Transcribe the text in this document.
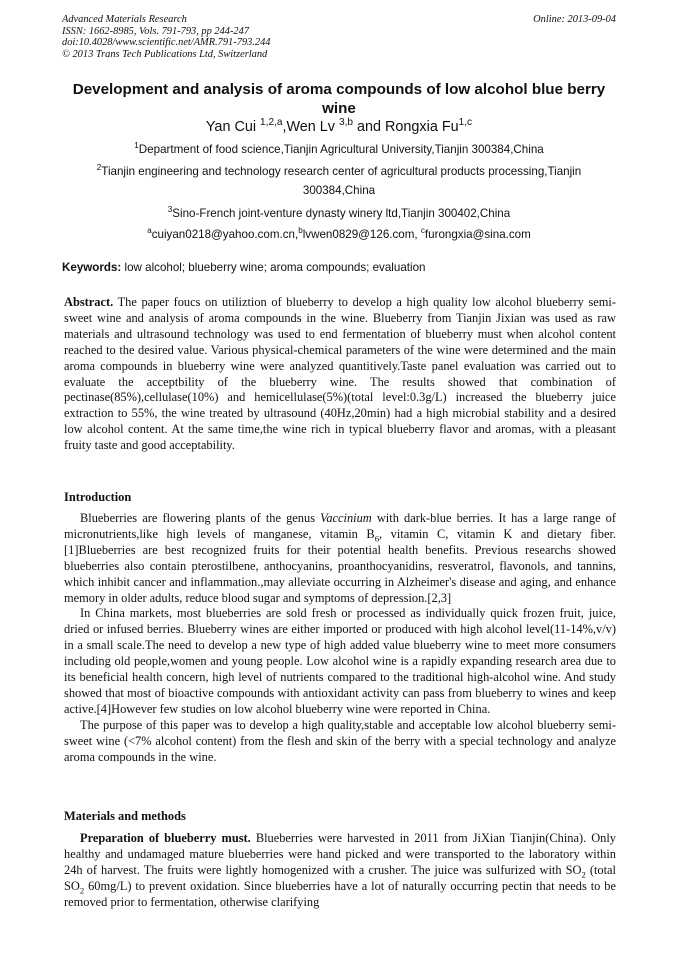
Advanced Materials Research
ISSN: 1662-8985, Vols. 791-793, pp 244-247
doi:10.4028/www.scientific.net/AMR.791-793.244
© 2013 Trans Tech Publications Ltd, Switzerland
Online: 2013-09-04
Development and analysis of aroma compounds of low alcohol blue berry wine
Yan Cui $^{1,2,a}$,Wen Lv $^{3,b}$ and Rongxia Fu$^{1,c}$
$^1$Department of food science,Tianjin Agricultural University,Tianjin 300384,China
$^2$Tianjin engineering and technology research center of agricultural products processing,Tianjin
300384,China
$^3$Sino-French joint-venture dynasty winery ltd,Tianjin 300402,China
$^a$cuiyan0218@yahoo.com.cn,$^b$lvwen0829@126.com, $^c$furongxia@sina.com
Keywords: low alcohol; blueberry wine; aroma compounds; evaluation

Abstract. The paper foucs on utiliztion of blueberry to develop a high quality low alcohol blueberry semi-sweet wine and analysis of aroma compounds in the wine. Blueberry from Tianjin Jixian was used as raw materials and ultrasound technology was used to end fermentation of blueberry must when alcohol content reached to the desired value. Various physical-chemical parameters of the wine were determined and the main aroma compounds in blueberry wine were analyzed quantitively.Taste panel evaluation was carried out to evaluate the acceptbility of the blueberry wine. The results showed that combination of pectinase(85%),cellulase(10%) and hemicellulase(5%)(total level:0.3g/L) increased the blueberry juice extraction to 55%, the wine treated by ultrasound (40Hz,20min) had a high microbial stability and a desired low alcohol content. At the same time,the wine rich in typical blueberry flavor and aromas, with a pleasant fruity taste and good acceptability.

Introduction

Blueberries are flowering plants of the genus Vaccinium with dark-blue berries. It has a large range of micronutrients,like high levels of manganese, vitamin $B_6$, vitamin C, vitamin K and dietary fiber. [1]Blueberries are best recognized fruits for their potential health benefits. Previous researchs showed blueberries also contain pterostilbene, anthocyanins, proanthocyanidins, resveratrol, flavonols, and tannins, which inhibit cancer and inflammation.,may alleviate occurring in Alzheimer's disease and aging, and enhance memory in older adults, reduce blood sugar and symptoms of depression.[2,3]

In China markets, most blueberries are sold fresh or processed as individually quick frozen fruit, juice, dried or infused berries. Blueberry wines are either imported or produced with high alcohol level(11-14%,v/v) in a small scale.The need to develop a new type of high added value blueberry wine to meet more consumers including old people,women and young people. Low alcohol wine is a rapidly expanding research area due to its beneficial health concern, high level of nutrients compared to the traditional high-alcohol wine. And study showed that most of bioactive compounds with antioxidant activity can pass from blueberry to wines and keep active.[4]However few studies on low alcohol blueberry wine were reported in China.

The purpose of this paper was to develop a high quality,stable and acceptable low alcohol blueberry semi-sweet wine (<7% alcohol content) from the flesh and skin of the berry with a special technology and analyze aroma compounds in the wine.

Materials and methods

Preparation of blueberry must. Blueberries were harvested in 2011 from JiXian Tianjin(China). Only healthy and undamaged mature blueberries were hand picked and were transported to the laboratory within 24h of harvest. The fruits were lightly homogenized with a crusher. The juice was sulfurized with $SO_2$ (total $SO_2$ 60mg/L) to prevent oxidation. Since blueberries have a lot of naturally occurring pectin that needs to be removed prior to fermentation, otherwise clarifying
